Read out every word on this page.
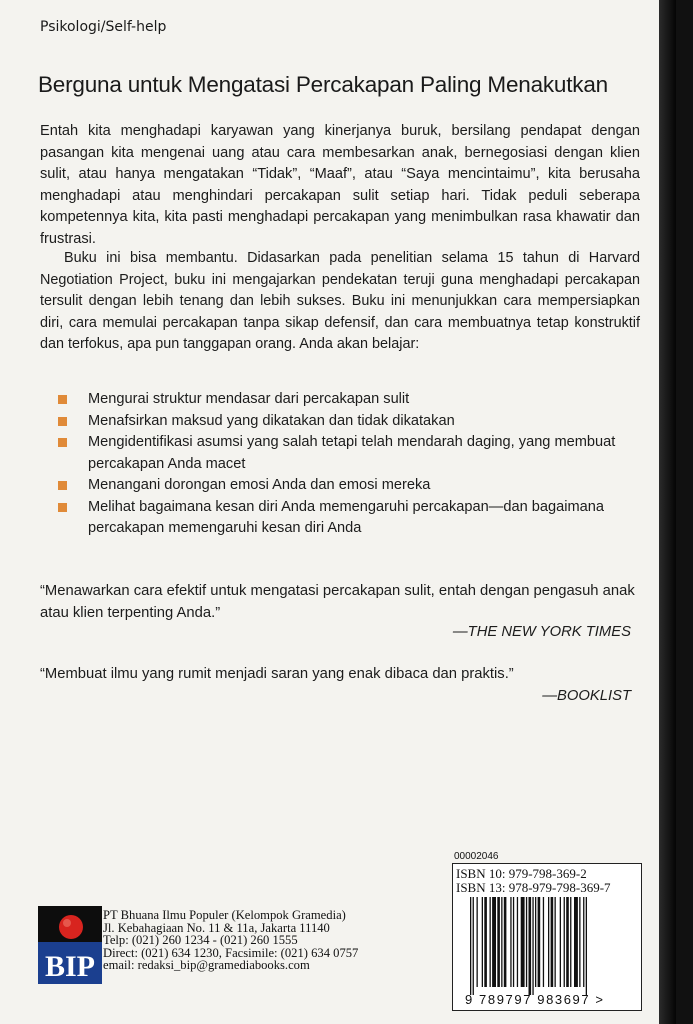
Psikologi/Self-help
Berguna untuk Mengatasi Percakapan Paling Menakutkan

Entah kita menghadapi karyawan yang kinerjanya buruk, bersilang pendapat dengan pasangan kita mengenai uang atau cara membesarkan anak, bernegosiasi dengan klien sulit, atau hanya mengatakan “Tidak”, “Maaf”, atau “Saya mencintaimu”, kita berusaha menghadapi atau menghindari percakapan sulit setiap hari. Tidak peduli seberapa kompetennya kita, kita pasti menghadapi percakapan yang menimbulkan rasa khawatir dan frustrasi.

Buku ini bisa membantu. Didasarkan pada penelitian selama 15 tahun di Harvard Negotiation Project, buku ini mengajarkan pendekatan teruji guna menghadapi percakapan tersulit dengan lebih tenang dan lebih sukses. Buku ini menunjukkan cara mempersiapkan diri, cara memulai percakapan tanpa sikap defensif, dan cara membuatnya tetap konstruktif dan terfokus, apa pun tanggapan orang. Anda akan belajar:

Mengurai struktur mendasar dari percakapan sulit
Menafsirkan maksud yang dikatakan dan tidak dikatakan
Mengidentifikasi asumsi yang salah tetapi telah mendarah daging, yang membuat percakapan Anda macet
Menangani dorongan emosi Anda dan emosi mereka
Melihat bagaimana kesan diri Anda memengaruhi percakapan—dan bagaimana percakapan memengaruhi kesan diri Anda

“Menawarkan cara efektif untuk mengatasi percakapan sulit, entah dengan pengasuh anak atau klien terpenting Anda.”

—THE NEW YORK TIMES

“Membuat ilmu yang rumit menjadi saran yang enak dibaca dan praktis.”

—BOOKLIST
BIP
PT Bhuana Ilmu Populer (Kelompok Gramedia)
Jl. Kebahagiaan No. 11 & 11a, Jakarta 11140
Telp: (021) 260 1234 - (021) 260 1555
Direct: (021) 634 1230, Facsimile: (021) 634 0757
email: redaksi_bip@gramediabooks.com
00002046
ISBN 10: 979-798-369-2
ISBN 13: 978-979-798-369-7
9 789797 983697 >
